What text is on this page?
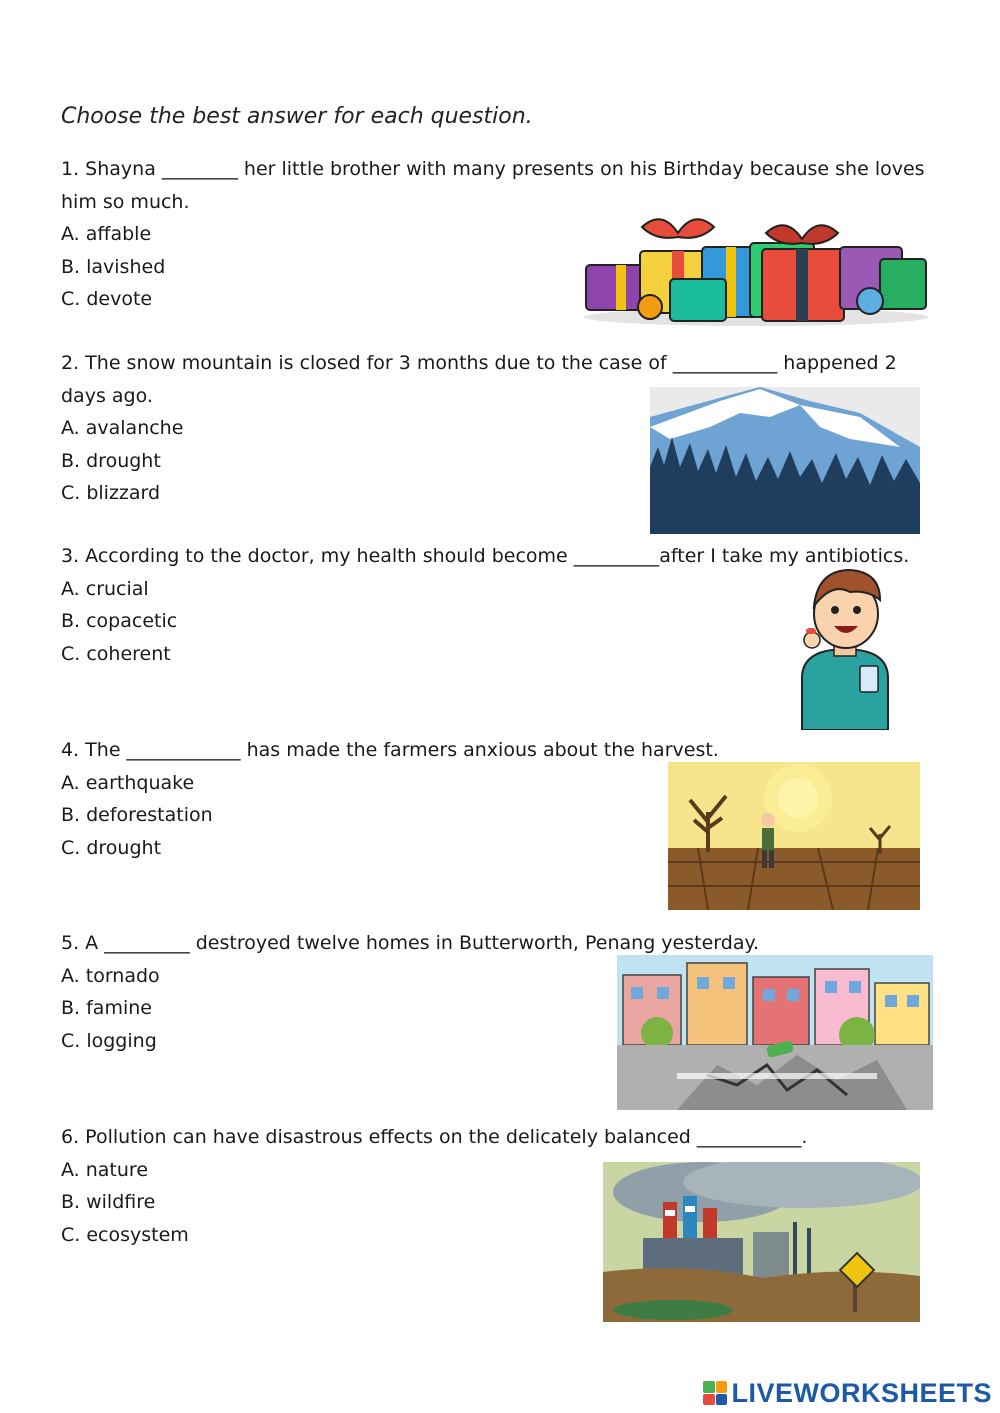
Choose the best answer for each question.
1. Shayna ________ her little brother with many presents on his Birthday because she loves
him so much.
A. affable
B. lavished
C. devote
2. The snow mountain is closed for 3 months due to the case of ___________ happened 2
days ago.
A. avalanche
B. drought
C. blizzard
3. According to the doctor, my health should become _________after I take my antibiotics.
A. crucial
B. copacetic
C. coherent
4. The ____________ has made the farmers anxious about the harvest.
A. earthquake
B. deforestation
C. drought
5. A _________ destroyed twelve homes in Butterworth, Penang yesterday.
A. tornado
B. famine
C. logging
6. Pollution can have disastrous effects on the delicately balanced ___________.
A. nature
B. wildfire
C. ecosystem
LIVEWORKSHEETS
